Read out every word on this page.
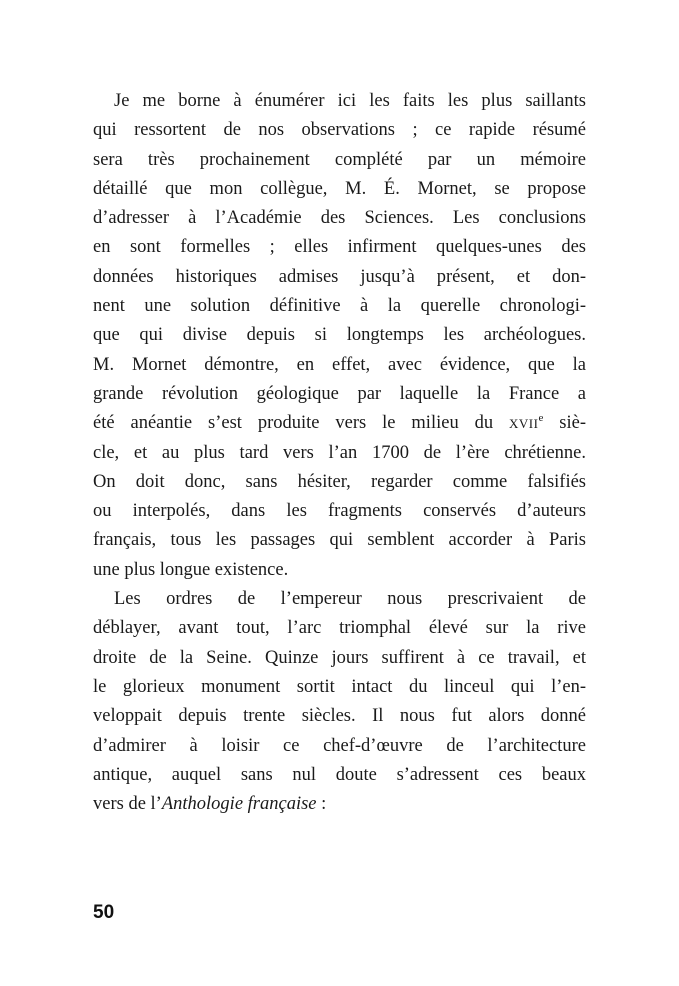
Je me borne à énumérer ici les faits les plus saillants
qui ressortent de nos observations ; ce rapide résumé
sera très prochainement complété par un mémoire
détaillé que mon collègue, M. É. Mornet, se propose
d’adresser à l’Académie des Sciences. Les conclusions
en sont formelles ; elles infirment quelques-unes des
données historiques admises jusqu’à présent, et don-
nent une solution définitive à la querelle chronologi-
que qui divise depuis si longtemps les archéologues.
M. Mornet démontre, en effet, avec évidence, que la
grande révolution géologique par laquelle la France a
été anéantie s’est produite vers le milieu du xvii$^e$ siè-
cle, et au plus tard vers l’an 1700 de l’ère chrétienne.
On doit donc, sans hésiter, regarder comme falsifiés
ou interpolés, dans les fragments conservés d’auteurs
français, tous les passages qui semblent accorder à Paris
une plus longue existence.
Les ordres de l’empereur nous prescrivaient de
déblayer, avant tout, l’arc triomphal élevé sur la rive
droite de la Seine. Quinze jours suffirent à ce travail, et
le glorieux monument sortit intact du linceul qui l’en-
veloppait depuis trente siècles. Il nous fut alors donné
d’admirer à loisir ce chef-d’œuvre de l’architecture
antique, auquel sans nul doute s’adressent ces beaux
vers de l’Anthologie française :
50
